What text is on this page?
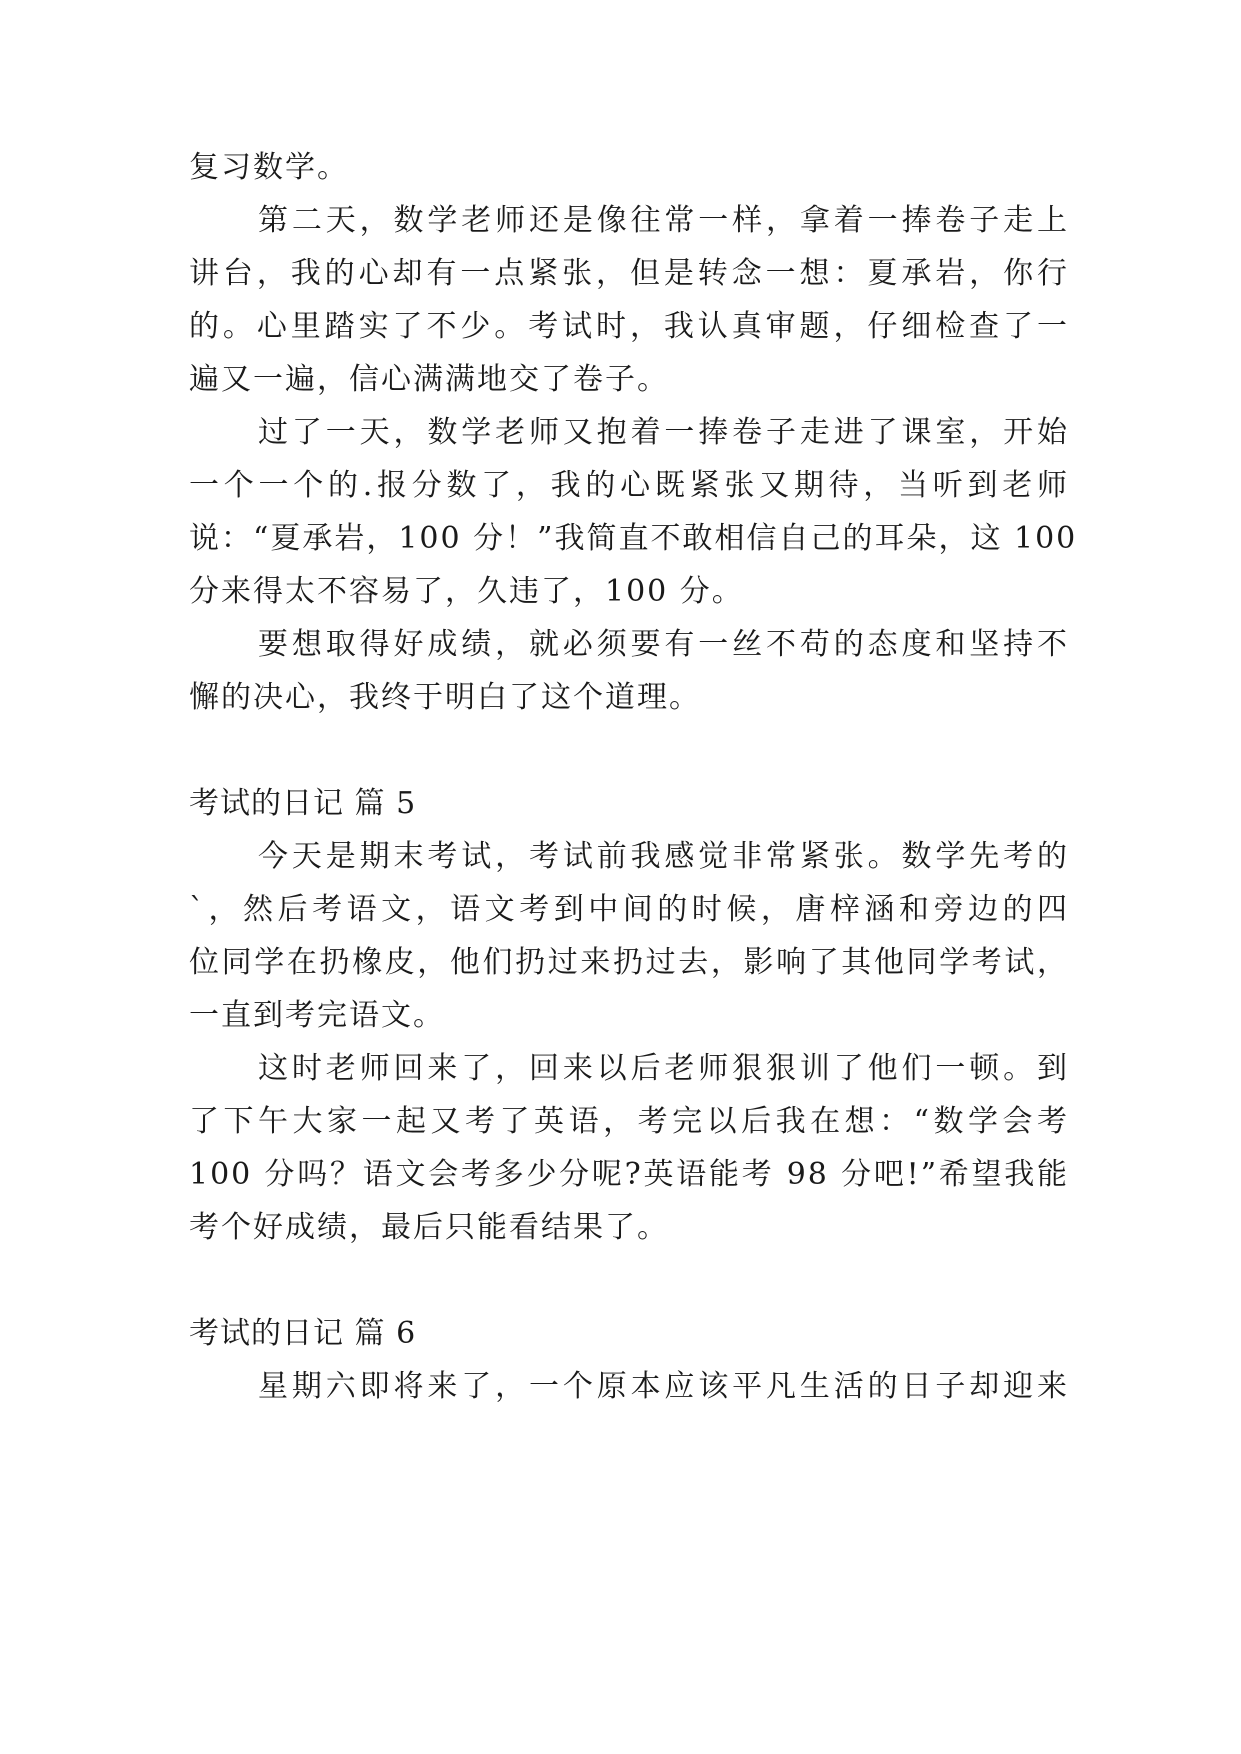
复习数学。
第二天，数学老师还是像往常一样，拿着一捧卷子走上
讲台，我的心却有一点紧张，但是转念一想：夏承岩，你行
的。心里踏实了不少。考试时，我认真审题，仔细检查了一
遍又一遍，信心满满地交了卷子。
过了一天，数学老师又抱着一捧卷子走进了课室，开始
一个一个的.报分数了，我的心既紧张又期待，当听到老师
说：“夏承岩，100 分！”我简直不敢相信自己的耳朵，这 100
分来得太不容易了，久违了，100 分。
要想取得好成绩，就必须要有一丝不苟的态度和坚持不
懈的决心，我终于明白了这个道理。
考试的日记 篇 5
今天是期末考试，考试前我感觉非常紧张。数学先考的
`，然后考语文，语文考到中间的时候，唐梓涵和旁边的四
位同学在扔橡皮，他们扔过来扔过去，影响了其他同学考试，
一直到考完语文。
这时老师回来了，回来以后老师狠狠训了他们一顿。到
了下午大家一起又考了英语，考完以后我在想：“数学会考
100 分吗？语文会考多少分呢?英语能考 98 分吧!”希望我能
考个好成绩，最后只能看结果了。
考试的日记 篇 6
星期六即将来了，一个原本应该平凡生活的日子却迎来
